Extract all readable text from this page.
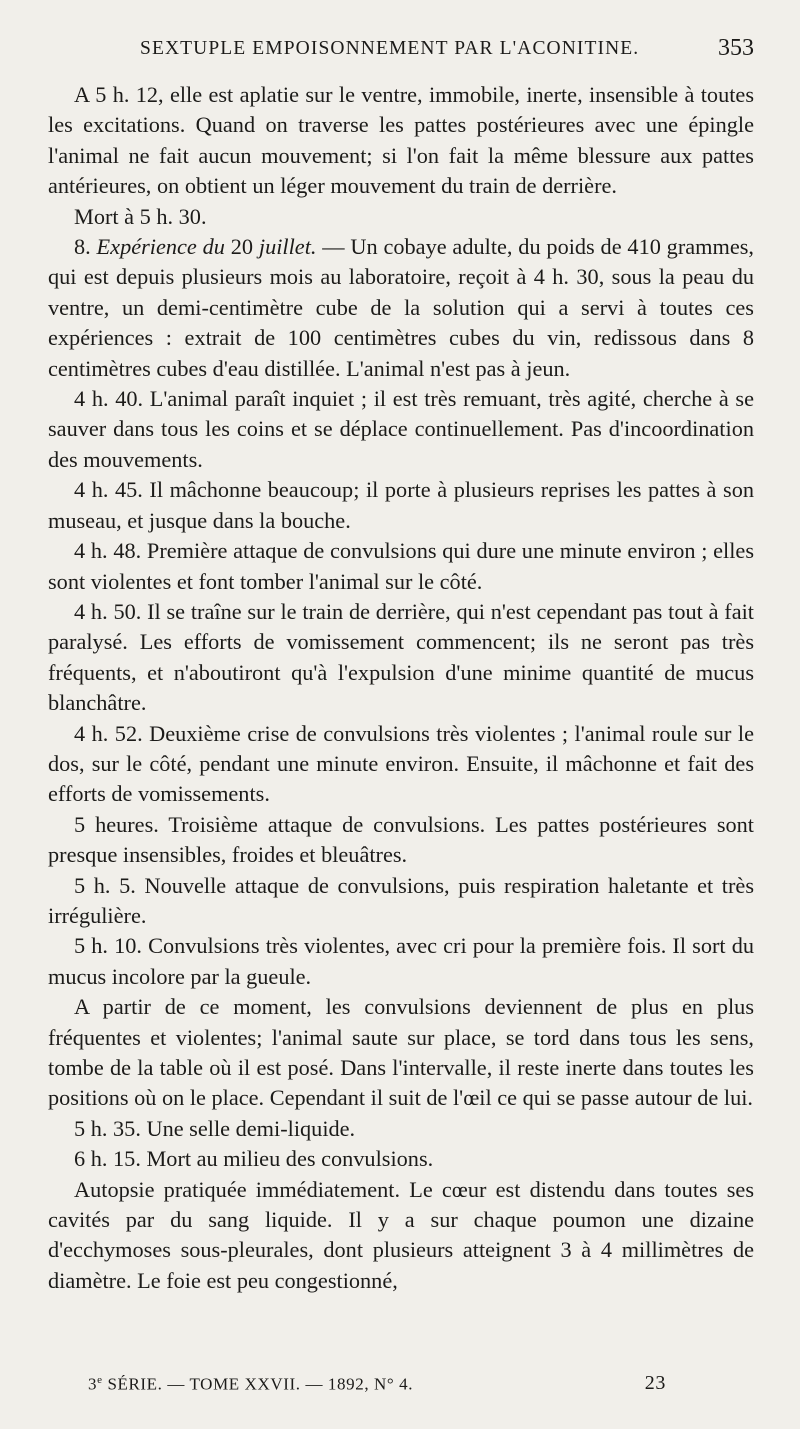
SEXTUPLE EMPOISONNEMENT PAR L'ACONITINE.	353

A 5 h. 12, elle est aplatie sur le ventre, immobile, inerte, insensible à toutes les excitations. Quand on traverse les pattes postérieures avec une épingle l'animal ne fait aucun mouvement; si l'on fait la même blessure aux pattes antérieures, on obtient un léger mouvement du train de derrière.

Mort à 5 h. 30.

8. Expérience du 20 juillet. — Un cobaye adulte, du poids de 410 grammes, qui est depuis plusieurs mois au laboratoire, reçoit à 4 h. 30, sous la peau du ventre, un demi-centimètre cube de la solution qui a servi à toutes ces expériences : extrait de 100 centimètres cubes du vin, redissous dans 8 centimètres cubes d'eau distillée. L'animal n'est pas à jeun.

4 h. 40. L'animal paraît inquiet ; il est très remuant, très agité, cherche à se sauver dans tous les coins et se déplace continuellement. Pas d'incoordination des mouvements.

4 h. 45. Il mâchonne beaucoup; il porte à plusieurs reprises les pattes à son museau, et jusque dans la bouche.

4 h. 48. Première attaque de convulsions qui dure une minute environ ; elles sont violentes et font tomber l'animal sur le côté.

4 h. 50. Il se traîne sur le train de derrière, qui n'est cependant pas tout à fait paralysé. Les efforts de vomissement commencent; ils ne seront pas très fréquents, et n'aboutiront qu'à l'expulsion d'une minime quantité de mucus blanchâtre.

4 h. 52. Deuxième crise de convulsions très violentes ; l'animal roule sur le dos, sur le côté, pendant une minute environ. Ensuite, il mâchonne et fait des efforts de vomissements.

5 heures. Troisième attaque de convulsions. Les pattes postérieures sont presque insensibles, froides et bleuâtres.

5 h. 5. Nouvelle attaque de convulsions, puis respiration haletante et très irrégulière.

5 h. 10. Convulsions très violentes, avec cri pour la première fois. Il sort du mucus incolore par la gueule.

A partir de ce moment, les convulsions deviennent de plus en plus fréquentes et violentes; l'animal saute sur place, se tord dans tous les sens, tombe de la table où il est posé. Dans l'intervalle, il reste inerte dans toutes les positions où on le place. Cependant il suit de l'œil ce qui se passe autour de lui.

5 h. 35. Une selle demi-liquide.

6 h. 15. Mort au milieu des convulsions.

Autopsie pratiquée immédiatement. Le cœur est distendu dans toutes ses cavités par du sang liquide. Il y a sur chaque poumon une dizaine d'ecchymoses sous-pleurales, dont plusieurs atteignent 3 à 4 millimètres de diamètre. Le foie est peu congestionné,

3e SÉRIE. — TOME XXVII. — 1892, N° 4.	23
